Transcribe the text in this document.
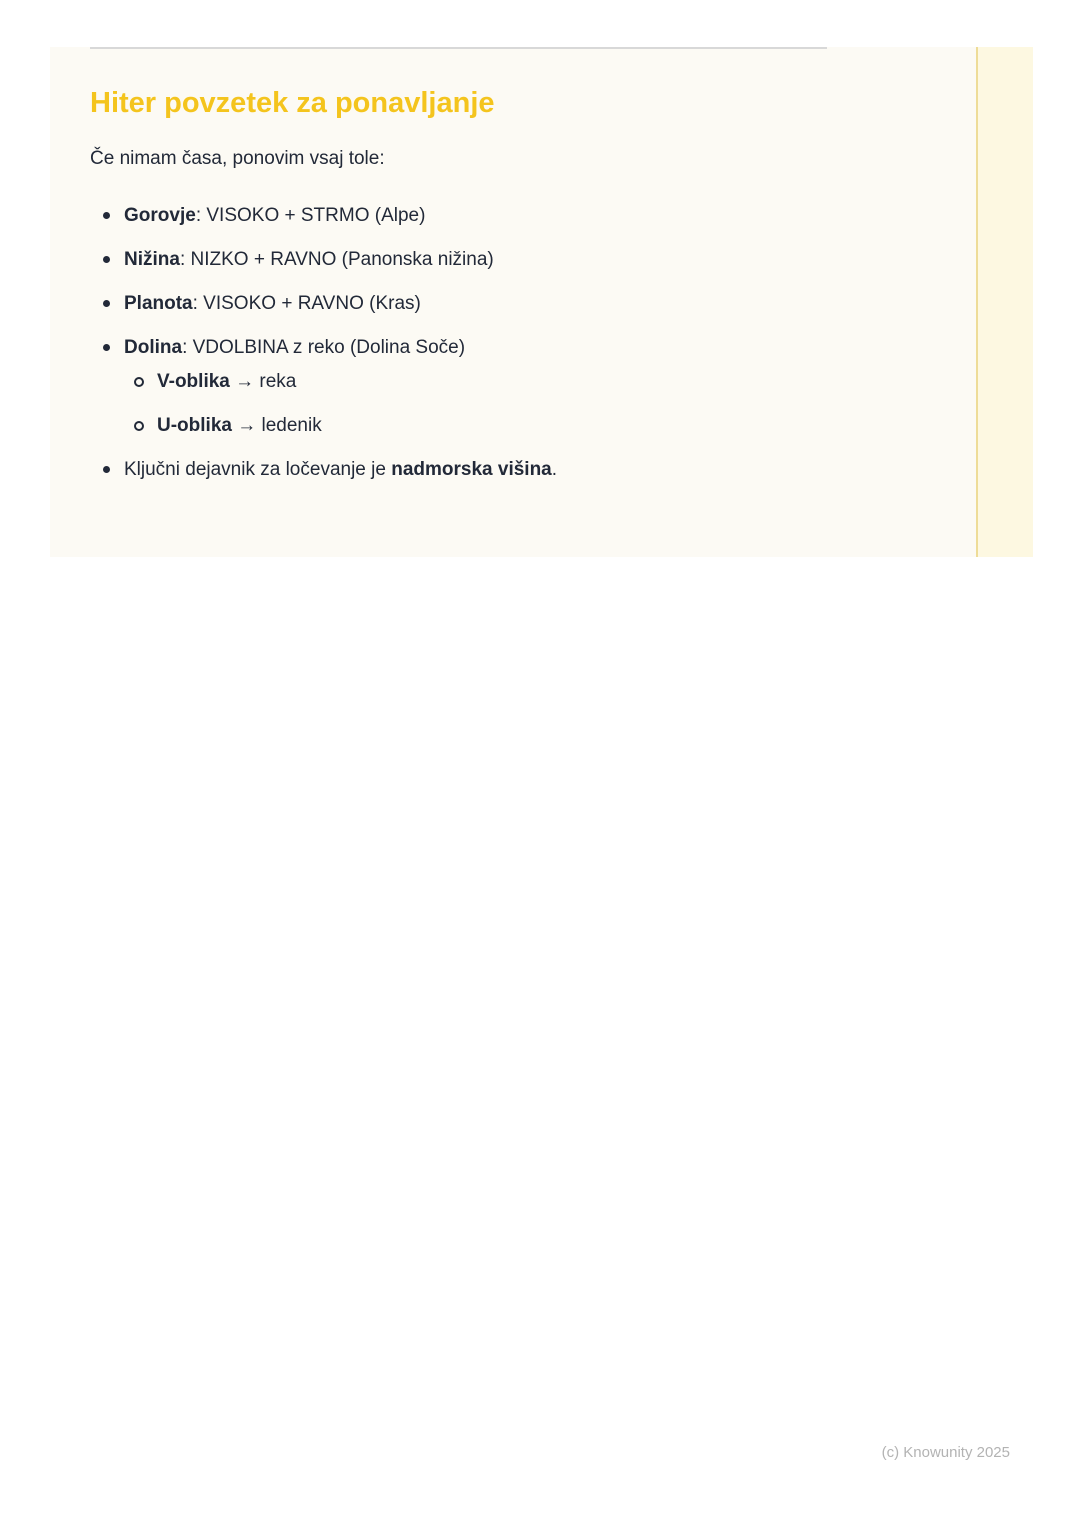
Hiter povzetek za ponavljanje

Če nimam časa, ponovim vsaj tole:

Gorovje: VISOKO + STRMO (Alpe)
Nižina: NIZKO + RAVNO (Panonska nižina)
Planota: VISOKO + RAVNO (Kras)
Dolina: VDOLBINA z reko (Dolina Soče)
V-oblika → reka
U-oblika → ledenik
Ključni dejavnik za ločevanje je nadmorska višina.
(c) Knowunity 2025
